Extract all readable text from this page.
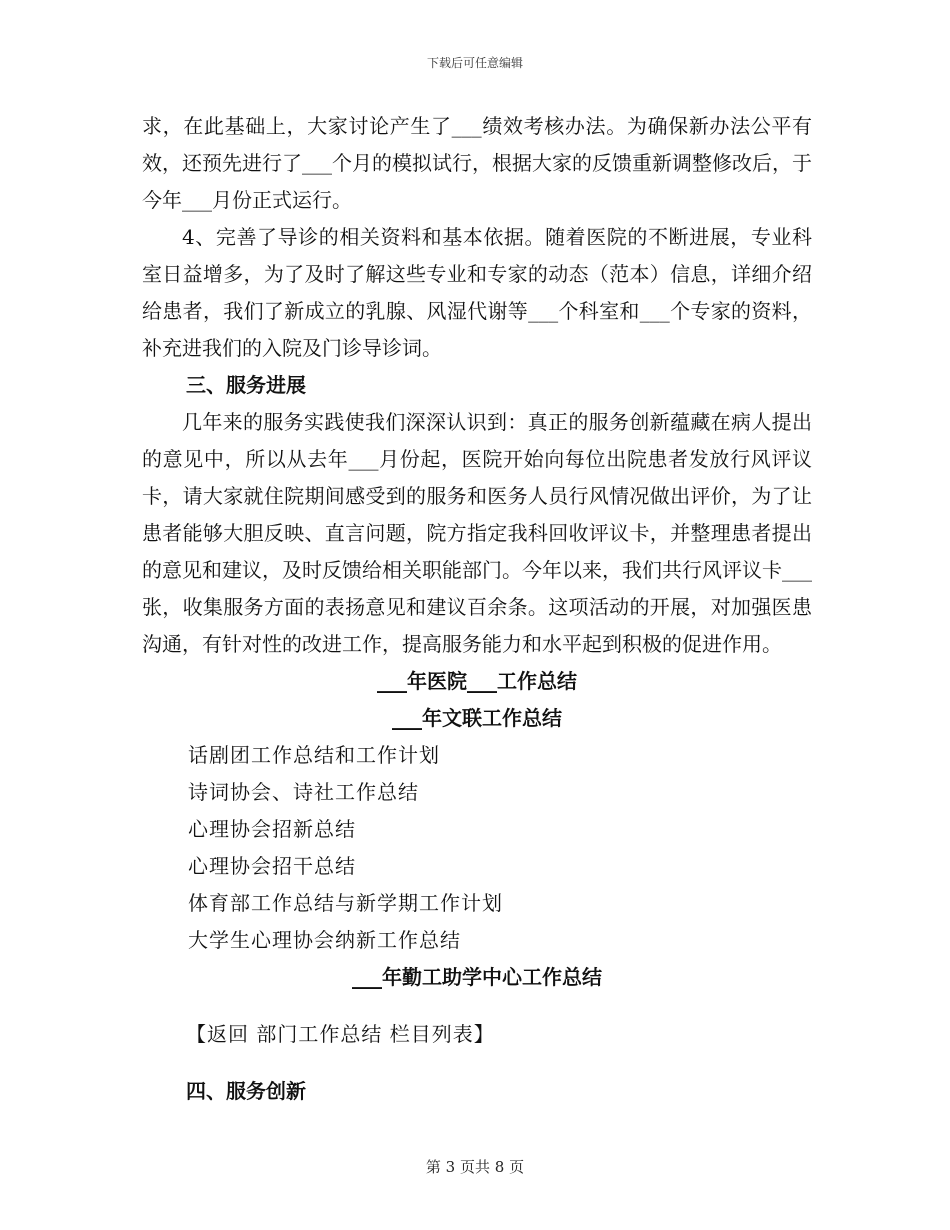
下载后可任意编辑

求，在此基础上，大家讨论产生了___绩效考核办法。为确保新办法公平有效，还预先进行了___个月的模拟试行，根据大家的反馈重新调整修改后，于今年___月份正式运行。

4、完善了导诊的相关资料和基本依据。随着医院的不断进展，专业科室日益增多，为了及时了解这些专业和专家的动态（范本）信息，详细介绍给患者，我们了新成立的乳腺、风湿代谢等___个科室和___个专家的资料，补充进我们的入院及门诊导诊词。

三、服务进展

几年来的服务实践使我们深深认识到：真正的服务创新蕴藏在病人提出的意见中，所以从去年___月份起，医院开始向每位出院患者发放行风评议卡，请大家就住院期间感受到的服务和医务人员行风情况做出评价，为了让患者能够大胆反映、直言问题，院方指定我科回收评议卡，并整理患者提出的意见和建议，及时反馈给相关职能部门。今年以来，我们共行风评议卡___张，收集服务方面的表扬意见和建议百余条。这项活动的开展，对加强医患沟通，有针对性的改进工作，提高服务能力和水平起到积极的促进作用。

___年医院___工作总结

___年文联工作总结

话剧团工作总结和工作计划
诗词协会、诗社工作总结
心理协会招新总结
心理协会招干总结
体育部工作总结与新学期工作计划
大学生心理协会纳新工作总结

___年勤工助学中心工作总结

【返回 部门工作总结 栏目列表】

四、服务创新

第 3 页共 8 页
